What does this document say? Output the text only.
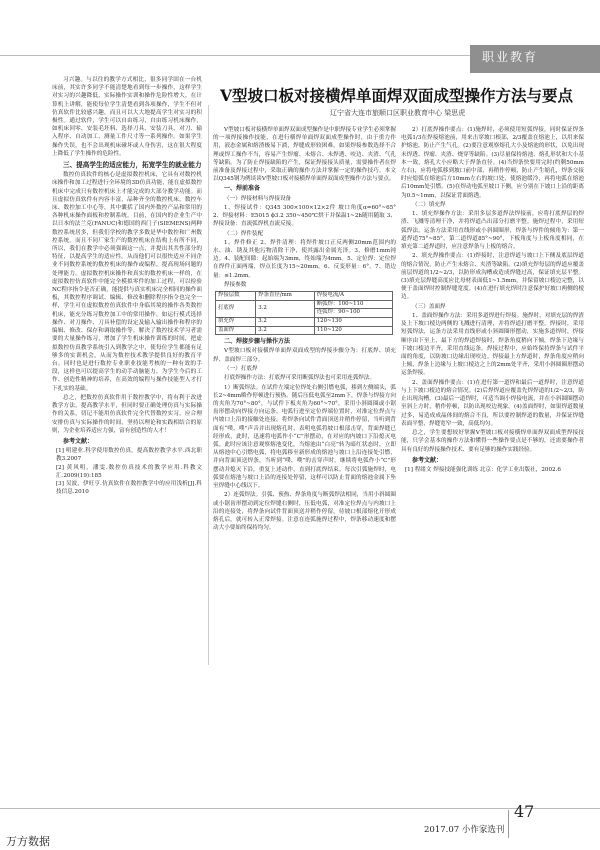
职业教育

习兴趣。与以往的教学方式相比，很多同学固在一台机床前，其实许多同学不能清楚地看到每一步操作，这样学生对实习的兴趣降低，实际操作实训和操作危险性增大。在计算机上讲解，能使每位学生清楚看到各项操作，学生不但对仿真软件比较感兴趣，而且可以大大地提高学生对实习的积极性。通过软件，学生可以自由练习，自由练习机床操作，如机床回零、安装毛坯料、选择刀具、安装刀具、对刀、输入程序、自动加工、测量工件尺寸等一系列操作。如果学生操作失误，也不会出现机床碰坏或人身伤害，这在很大程度上降低了学生操作的危险性。

三、提高学生的适应能力，拓宽学生的就业能力

数控仿真软件的核心是虚拟数控机床，它具有对数控机床操作和加工过程进行全环境的3D仿真功能，能在虚拟数控机床中完成只有数控机床上才能完成的大部分教学功能。而且虚拟仿真软件有内容丰富，品种齐全的数控机床，数控车床、数控加工中心等，其中囊括了国内外数控产品和常用的各种机床操作面板和控制系统。目前，在国内的企业生产中以日本的法兰克(FANUC)和德国的西门子(SIEMENS)两种数控系统居多，但我们学校的教学多数是华中数控和广州数控系统。而且不同厂家生产的数控机床在结构上有所不同，所以，我们在教学中必须强调这一点，并提出其共性部分的特征，以提高学生的适应性。从而他们可以很快适应不同企业不同数控系统的数控机床的操作或编程，提高现场问题的处理能力。虚拟数控机床操作和真实的数控机床一样的，在虚拟数控仿真软件中能完全模拟零件的加工过程，可以检验NC程序指令是否正确，能提供与真实机床完全相同的操作面板，其数控程序调试、编辑、修改和删除程序指令也完全一样，学生可在虚拟数控仿真软件中身临其境的操作各类数控机床，能充分练习数控加工中的常用操作，如运行模式选择操作、对刀操作、刀具补偿的设定及输入输出操作和程序的编辑、修改、保存和调取操作等。解决了数控技术学习者需要的大量操作练习，增加了学生机床操作训练的时间，把虚拟数控仿真教学系统引入到教学之中，使每位学生都能有足够多的实训机会，从而为数控技术教学提供良好的教育平台。同时也是进行数控专业职业技能考核的一种有效的手段，这样也可以提高学生的动手动脑能力，为学生今后的工作、创造性精神的培养，在高效的编程与操作技能型人才打下扎实的基础。

总之，把数控仿真软件用于数控教学中，将有利于改进教学方法，提高教学水平，但同时要正确处理仿真与实际操作的关系，切记不能用仿真软件完全代替数控实习，应合理安排仿真与实际操作的时间，坚持以理论和实践相结合的原则，为企业培养适应力强，富有创造性的人才！

参考文献：
[1] 明建业.科学使用数控仿真，提高数控教学水平.西北职教3.2007
[2] 黄风明，潘雯.数控仿真技术的教学应用.科教文汇.2009(19):185
[3] 吴波，伊旺亨.仿真软件在数控教学中的应用浅析[J].科技信息.2010
V型坡口板对接横焊单面焊双面成型操作方法与要点
辽宁省大连市旅顺口区职业教育中心 梁思虎

V型坡口板对接横焊单面焊双面成型操作是中职焊接专业学生必须掌握的一项焊接操作技能，在进行横焊单面焊双面成型操作时，由于重力作用，液态金属和熔渣极易下淌，焊缝成形较困难，如果焊接参数选择不合理或焊工操作不当，容易产生焊瘤、未熔合、未焊透、咬边、夹渣、气孔等缺陷。为了防止焊接缺陷的产生，保证焊接接头质量，需要操作者在焊前准备及焊接过程中，采取正确的操作方法并掌握一定的操作技巧。本文以Q345钢为例谈谈V型坡口板对接横焊单面焊双面成型操作方法与要点。

一、焊前准备
（一）焊接材料与焊接设备

1、焊接试件：Q345 300×100×12×2件 坡口角度α=60°~65° 2、焊接材料：E5015 ϕ3.2 350~450℃烘干并保温1~2h随用随取 3、焊接设备：直流弧焊机直流反接。

（二）焊件装配

1、焊件修正 2、焊件清理：将焊件坡口正反两侧20mm范围内的水、油、锈及其他污物清除干净，使其露出金属光泽。3、修磨1mm钝边。4、装配间隙：起始端为3mm，终始端为4mm。5、定位焊：定位焊在焊件正面两端，焊点长度为15~20mm。6、反变形量：6°。7、错边量：≤1.2mm。

焊接参数
焊接层数	焊条直径/mm	焊接电流/A
打底焊	3.2	断弧焊：100~110
		连弧焊：90~100
填充焊	3.2	120~130
盖面焊	3.2	110~120
二、焊接步骤与操作方法

V型坡口板对接横焊单面焊双面成型的焊接步骤分为：打底焊、填充焊、盖面焊三部分。

（一）打底焊

打底焊操作方法：打底焊可采用断弧焊法也可采用连弧焊法。

1）断弧焊法。在试件左端定位焊处右侧引燃电弧，移到左侧端头，弧长2~4mm略作停顿进行预热。随后压低电弧至2mm下，焊条与焊接方向的夹角为70°~80°，与试件下板夹角为60°~70°，采用小斜圆圈或小锯齿形摆动向焊接方向运条。电弧行进至定位焊端位置时，对准定位焊点与内坡口上沿的接触处连接，将焊条向试件背面顶送并稍作停留，当听到背面有“噗、噗”声音并出现熔孔时，表明电弧将坡口根部击穿，背面焊缝已经形成，此时，迅速将电弧作小“C”形摆动，在对应的内坡口下沿熄灭电弧。此时应该注意观察熔池变化，当熔池由“白亮”转为暗红状态时，立即从熔池中心引燃电弧，将电弧移至新形成的熔池与坡口上沿连接处引燃，并向背面顶送焊条，当听到“噗、噗”的击穿声时，继续将电弧作小“C”形摆动并熄灭下沿，重复上述动作，直到打底焊结束。每次引弧施焊时，电弧要在熔池与坡口上沿的连接处停留，这样可以防止背面的熔池金属下坠至焊缝中心线以下。

2）连弧焊法。引弧、预热、焊条角度与断弧焊法相同，当用小斜圆圈或小锯齿形摆动到定位焊缝右侧时，压低电弧，对准定位焊点与内坡口上沿的连接处，将焊条向试件背面顶送并稍作停留，待坡口根部熔化开形成熔孔后，就可转入正常焊接。注意在连弧施焊过程中，焊条移动速度和摆动大小要始终保持均匀。

2）打底焊操作要点：(1)施焊时，必须使用短弧焊接，同时保证焊条电弧1/3在焊接熔池前，用来击穿坡口根部，2/3覆盖在熔池上，以用来保护熔池，防止产生气孔。(2)要注意观察熔孔大小及熔池的形状，以免出现未焊透、焊瘤、夹渣、烧穿等缺陷。(3)尽量保持熔池、熔孔形状和大小基本一致，熔孔大小应略大于焊条直径。(4)当焊条快要用完时(约剩50mm左右)，应将电弧移到坡口前中部，再稍作停顿，防止产生缩孔，焊条交接时应熄弧在熔池后方10mm左右的坡口处，使熔池缓冷，再将电弧在熔池后10mm处引燃。(5)在焊动电弧至坡口下侧，应分别在下坡口上沿的距离为0.5~1mm，以保证背面熔透。

（二）填充焊

1、填充焊操作方法：采用多层多道焊法焊接前，应将打底焊层的焊渣、飞溅等清理干净，并将焊道凸出部分打磨平整。施焊过程中，采用短弧焊法，运条方法采用直线形或小斜圆圈形，焊条与焊件的倾角为：第一道焊道75°~85°，第二道焊道85°~90°，下板角度与上板角度相同，在填充第二道焊道时，应注意焊条与上板的熔合。

2、填充焊操作要点：(1)焊接时，注意焊道与坡口上下侧及底层焊道的熔合情况，防止产生未熔合、夹渣等缺陷。(2)填充焊每层的焊道应覆盖前层焊道的1/2~2/3，以防形成沟槽或造成焊缝过高，保证填充层平整。(3)填充层焊缝高度应比母材表面低1~1.5mm，并保留坡口棱边完整，以便于盖面焊时控制焊缝宽度。(4)在进行填充焊时注意保护好坡口两侧的棱边。

（三）盖面焊

1、盖面焊操作方法：采用多道焊进行焊接。施焊时，对填充层的焊渣及上下坡口棱边两侧的飞溅进行清理，并将焊道打磨平整。焊接时，采用短弧焊法，运条方法采用直线形或小斜圆圈形摆动，实施多道焊时，焊接顺序由下至上，最下方的焊道焊接时，焊条角度稍向下倾，焊条下边缘与下坡口棱边平齐，采用直线运条。焊接过程中，应始终保持焊条与试件平面的角度，以防坡口边缘出现咬边。焊接最上方焊道时，焊条角度应稍向上倾，焊条上边缘与上坡口棱边之上的2mm处平齐，采用小斜圆圈形摆动运条焊接。

2、盖面焊操作要点：(1)在进行第一道焊和最后一道焊时，注意焊道与上下坡口棱边的熔合情况。(2)后焊焊道应覆盖先焊焊道的1/2~2/3，防止出现沟槽。(3)最后一道焊时，可适当调小焊接电流，并在小斜圆圈摆动至斜上方时，稍作停顿，以防出现咬边现象。(4)盖面焊时，如果焊道数量过多，易造成成晶体间的熔合不良，所以要控制焊道的数量，并保证焊缝表面平整，焊缝宽窄一致，高低均匀。

总之，学生要想较好掌握V型坡口板对接横焊单面焊双面成型焊接技能，只学会基本的操作方法和懂得一些操作要点是不够的，还需要操作者具有良好的焊接操作技术、要有足够的操作实践经验。

参考文献：
[1] 程绪文 焊接技能强化训练 北京：化学工业出版社，2002.6
47
2017.07 小作家选刊
万方数据
